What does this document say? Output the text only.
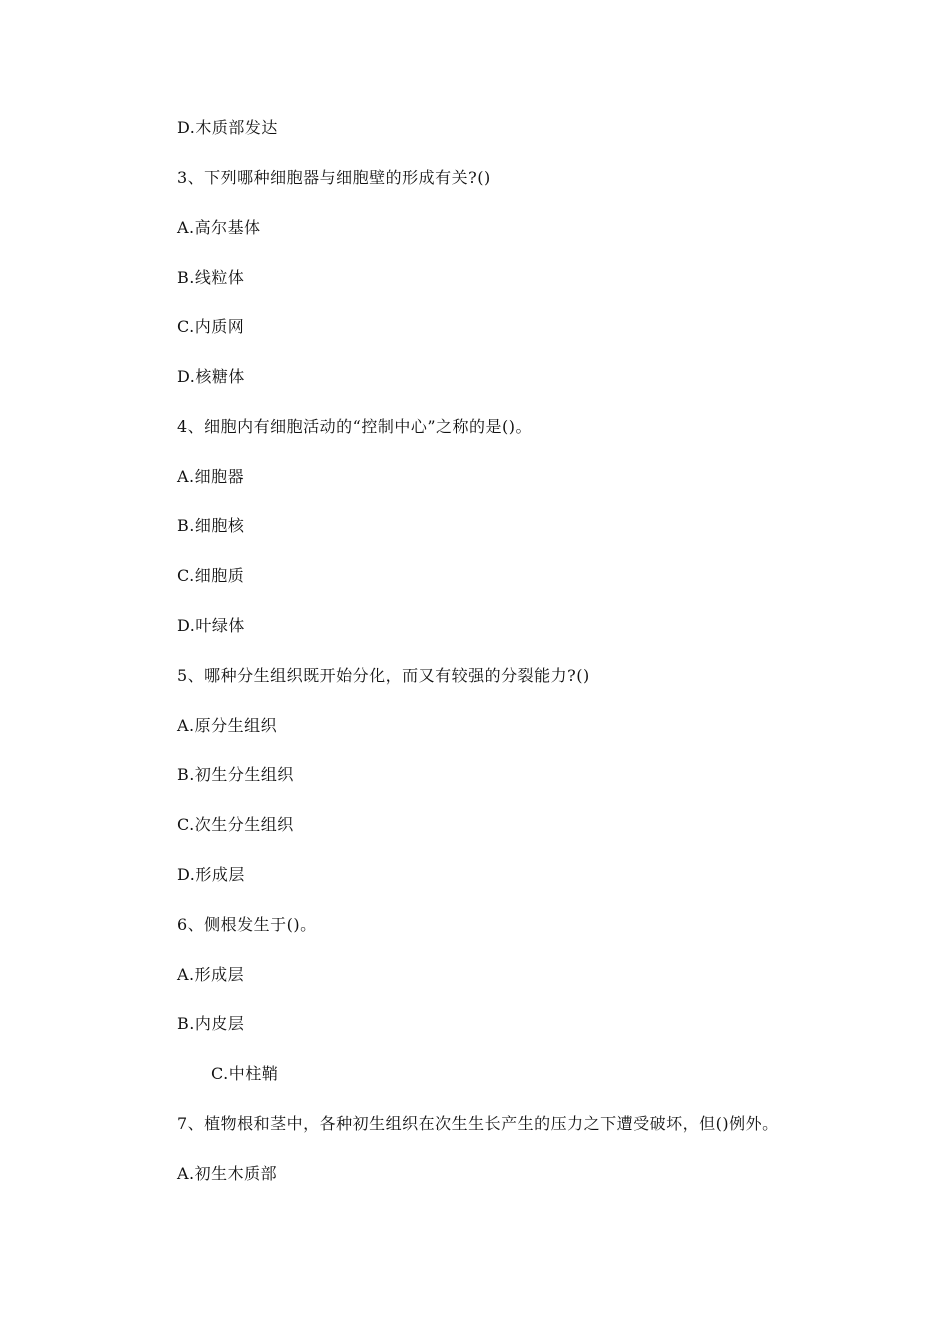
D.木质部发达
3、下列哪种细胞器与细胞壁的形成有关?()
A.高尔基体
B.线粒体
C.内质网
D.核糖体
4、细胞内有细胞活动的“控制中心”之称的是()。
A.细胞器
B.细胞核
C.细胞质
D.叶绿体
5、哪种分生组织既开始分化，而又有较强的分裂能力?()
A.原分生组织
B.初生分生组织
C.次生分生组织
D.形成层
6、侧根发生于()。
A.形成层
B.内皮层
C.中柱鞘
7、植物根和茎中，各种初生组织在次生生长产生的压力之下遭受破坏，但()例外。
A.初生木质部
